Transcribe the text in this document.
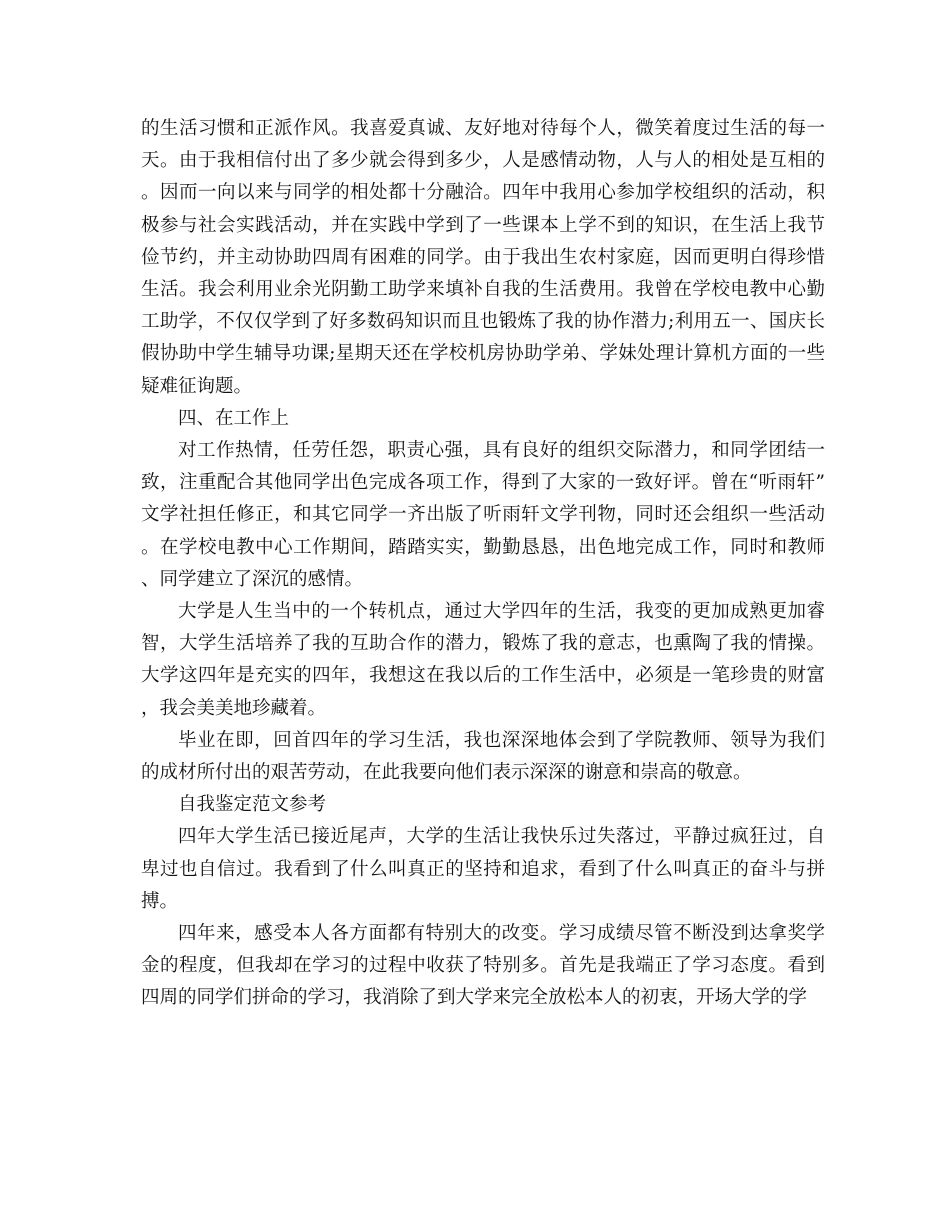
的生活习惯和正派作风。我喜爱真诚、友好地对待每个人，微笑着度过生活的每一天。由于我相信付出了多少就会得到多少，人是感情动物，人与人的相处是互相的。因而一向以来与同学的相处都十分融洽。四年中我用心参加学校组织的活动，积极参与社会实践活动，并在实践中学到了一些课本上学不到的知识，在生活上我节俭节约，并主动协助四周有困难的同学。由于我出生农村家庭，因而更明白得珍惜生活。我会利用业余光阴勤工助学来填补自我的生活费用。我曾在学校电教中心勤工助学，不仅仅学到了好多数码知识而且也锻炼了我的协作潜力;利用五一、国庆长假协助中学生辅导功课;星期天还在学校机房协助学弟、学妹处理计算机方面的一些疑难征询题。

四、在工作上

对工作热情，任劳任怨，职责心强，具有良好的组织交际潜力，和同学团结一致，注重配合其他同学出色完成各项工作，得到了大家的一致好评。曾在“听雨轩”文学社担任修正，和其它同学一齐出版了听雨轩文学刊物，同时还会组织一些活动。在学校电教中心工作期间，踏踏实实，勤勤恳恳，出色地完成工作，同时和教师、同学建立了深沉的感情。

大学是人生当中的一个转机点，通过大学四年的生活，我变的更加成熟更加睿智，大学生活培养了我的互助合作的潜力，锻炼了我的意志，也熏陶了我的情操。大学这四年是充实的四年，我想这在我以后的工作生活中，必须是一笔珍贵的财富，我会美美地珍藏着。

毕业在即，回首四年的学习生活，我也深深地体会到了学院教师、领导为我们的成材所付出的艰苦劳动，在此我要向他们表示深深的谢意和崇高的敬意。

自我鉴定范文参考

四年大学生活已接近尾声，大学的生活让我快乐过失落过，平静过疯狂过，自卑过也自信过。我看到了什么叫真正的坚持和追求，看到了什么叫真正的奋斗与拼搏。

四年来，感受本人各方面都有特别大的改变。学习成绩尽管不断没到达拿奖学金的程度，但我却在学习的过程中收获了特别多。首先是我端正了学习态度。看到四周的同学们拼命的学习，我消除了到大学来完全放松本人的初衷，开场大学的学
